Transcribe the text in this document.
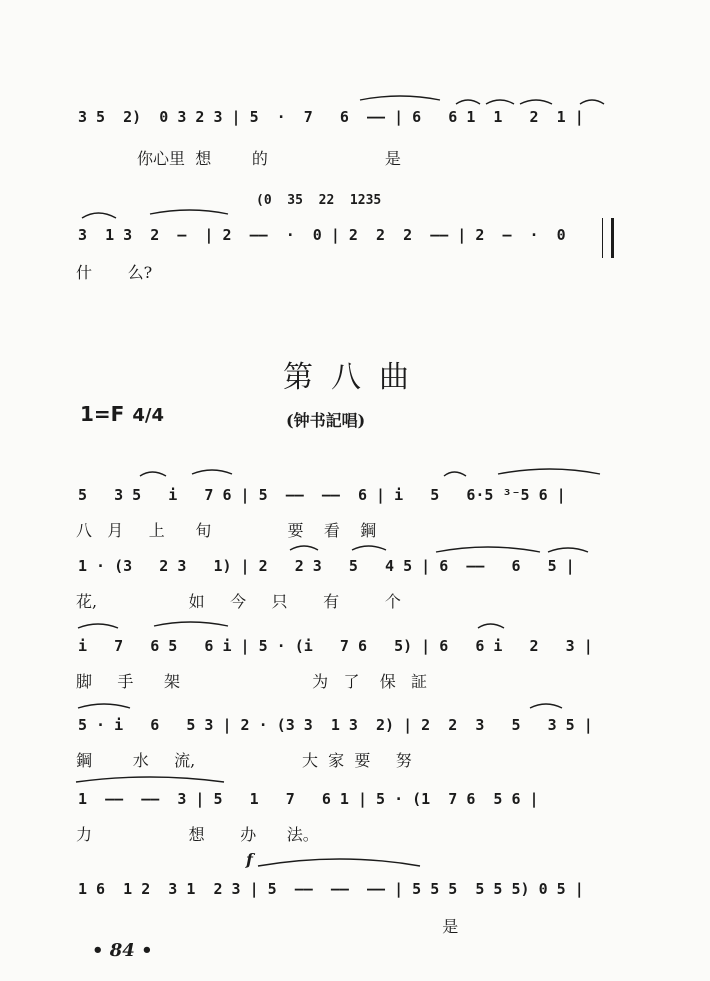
3 5  2)  0 3 2 3 | 5  ·  7   6  —— | 6   6 1  1   2  1 |
你心里  想        的                       是
(0  35  22  1235
3  1 3  2  —  | 2  ——  ·  0 | 2  2  2  —— | 2  —  ·  0
什       么?
第八曲
1=F 4/4	(钟书記唱)
5   3 5   i   7 6 | 5  ——  ——  6 | i   5   6·5 ³⁻5 6 |
八   月     上      旬               要    看    鋼
1 · (3   2 3   1) | 2   2 3   5   4 5 | 6  ——   6   5 |
花,                  如     今     只       有         个
i   7   6 5   6 i | 5 · (i   7 6   5) | 6   6 i   2   3 |
脚     手      架                          为   了    保   証
5 · i   6   5 3 | 2 · (3 3  1 3  2) | 2  2  3   5   3 5 |
鋼        水     流,                     大  家  要     努
1  ——  ——  3 | 5   1   7   6 1 | 5 · (1  7 6  5 6 |
力                   想       办      法。
f
1 6  1 2  3 1  2 3 | 5  ——  ——  —— | 5 5 5  5 5 5) 0 5 |
是
• 84 •
